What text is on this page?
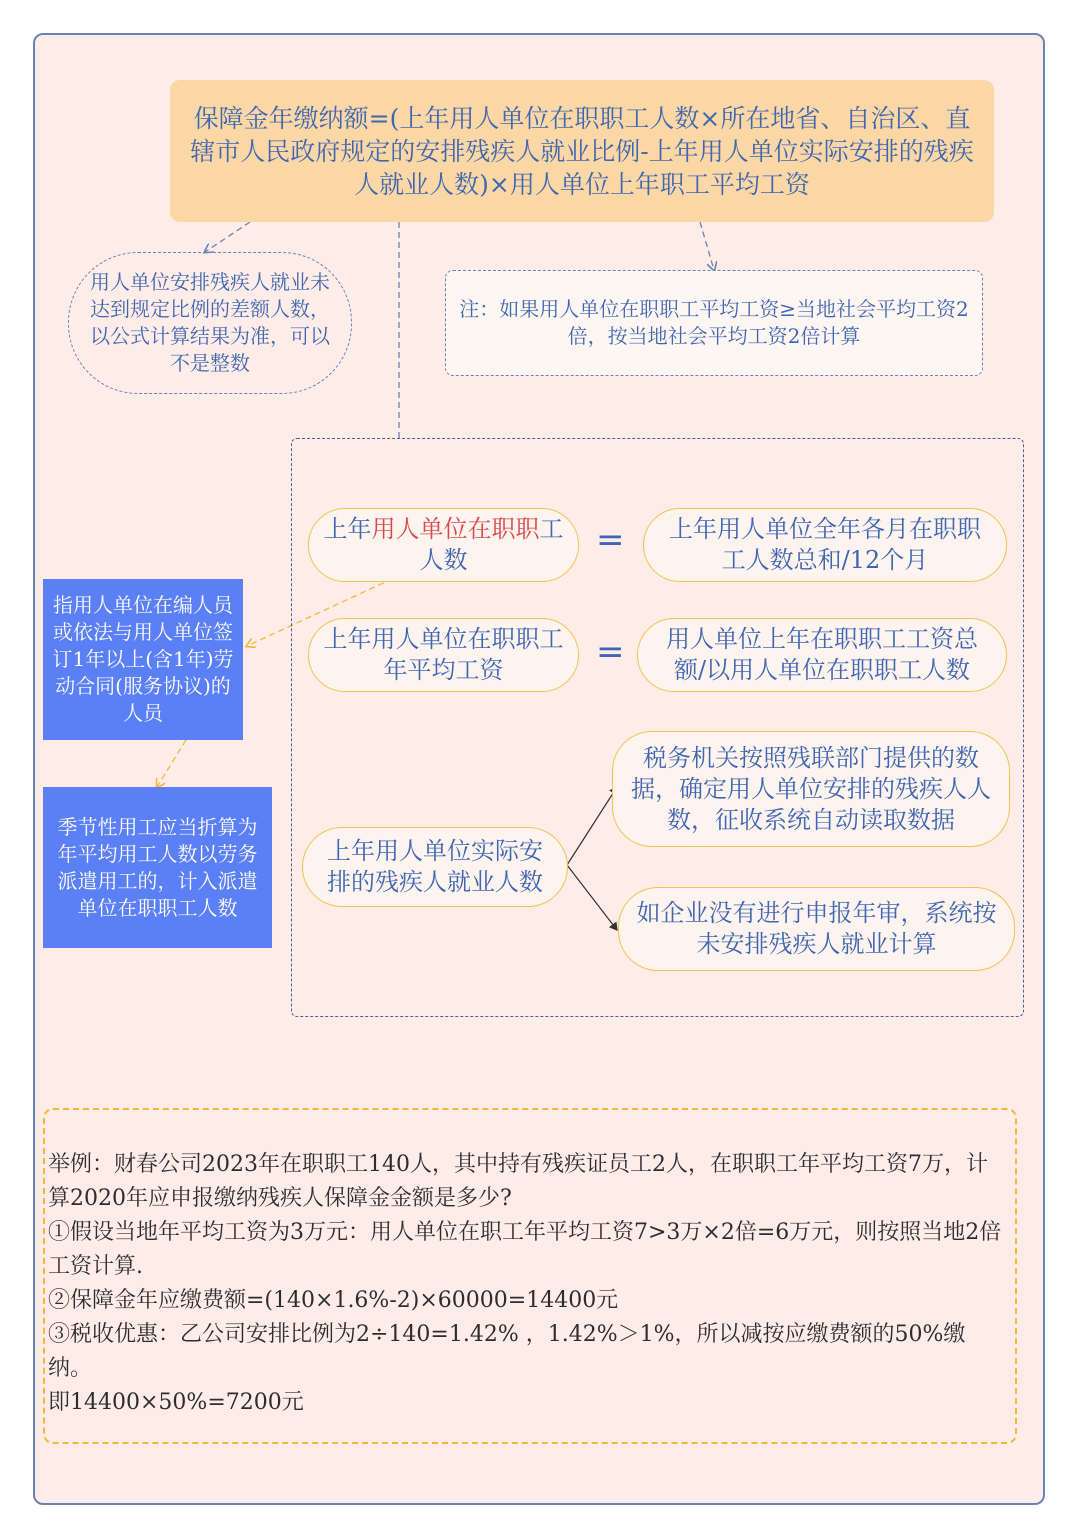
保障金年缴纳额=(上年用人单位在职职工人数×所在地省、自治区、直辖市人民政府规定的安排残疾人就业比例-上年用人单位实际安排的残疾人就业人数)×用人单位上年职工平均工资
用人单位安排残疾人就业未达到规定比例的差额人数，以公式计算结果为准，可以不是整数
注：如果用人单位在职职工平均工资≥当地社会平均工资2倍，按当地社会平均工资2倍计算
上年用人单位在职职工人数	=	上年用人单位全年各月在职职工人数总和/12个月
上年用人单位在职职工年平均工资	=	用人单位上年在职职工工资总额/以用人单位在职职工人数
上年用人单位实际安排的残疾人就业人数
税务机关按照残联部门提供的数据，确定用人单位安排的残疾人人数，征收系统自动读取数据
如企业没有进行申报年审，系统按未安排残疾人就业计算
指用人单位在编人员或依法与用人单位签订1年以上(含1年)劳动合同(服务协议)的人员
季节性用工应当折算为年平均用工人数以劳务派遣用工的，计入派遣单位在职职工人数

举例：财春公司2023年在职职工140人，其中持有残疾证员工2人，在职职工年平均工资7万，计算2020年应申报缴纳残疾人保障金金额是多少?

①假设当地年平均工资为3万元：用人单位在职工年平均工资7>3万×2倍=6万元，则按照当地2倍工资计算.

②保障金年应缴费额=(140×1.6%-2)×60000=14400元

③税收优惠：乙公司安排比例为2÷140=1.42% ，1.42%＞1%，所以减按应缴费额的50%缴纳。

即14400×50%=7200元
